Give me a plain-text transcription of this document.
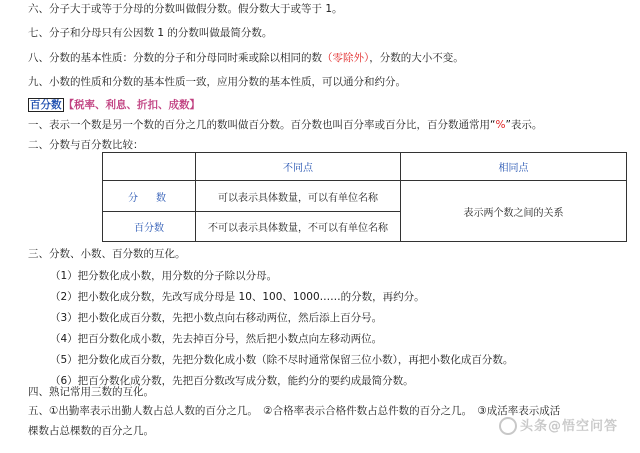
六、分子大于或等于分母的分数叫做假分数。假分数大于或等于 1。
七、分子和分母只有公因数 1 的分数叫做最简分数。
八、分数的基本性质：分数的分子和分母同时乘或除以相同的数（零除外），分数的大小不变。
九、小数的性质和分数的基本性质一致，应用分数的基本性质，可以通分和约分。
百分数 【税率、利息、折扣、成数】
一、表示一个数是另一个数的百分之几的数叫做百分数。百分数也叫百分率或百分比，百分数通常用“%”表示。
二、分数与百分数比较：
	不同点	相同点
分　数	可以表示具体数量，可以有单位名称	表示两个数之间的关系
百分数	不可以表示具体数量，不可以有单位名称	
三、分数、小数、百分数的互化。
（1）把分数化成小数，用分数的分子除以分母。
（2）把小数化成分数，先改写成分母是 10、100、1000……的分数，再约分。
（3）把小数化成百分数，先把小数点向右移动两位，然后添上百分号。
（4）把百分数化成小数，先去掉百分号，然后把小数点向左移动两位。
（5）把分数化成百分数，先把分数化成小数（除不尽时通常保留三位小数），再把小数化成百分数。
（6）把百分数化成分数，先把百分数改写成分数，能约分的要约成最简分数。
四、熟记常用三数的互化。
五、①出勤率表示出勤人数占总人数的百分之几。　②合格率表示合格件数占总件数的百分之几。　③成活率表示成活
棵数占总棵数的百分之几。	头条@悟空问答
